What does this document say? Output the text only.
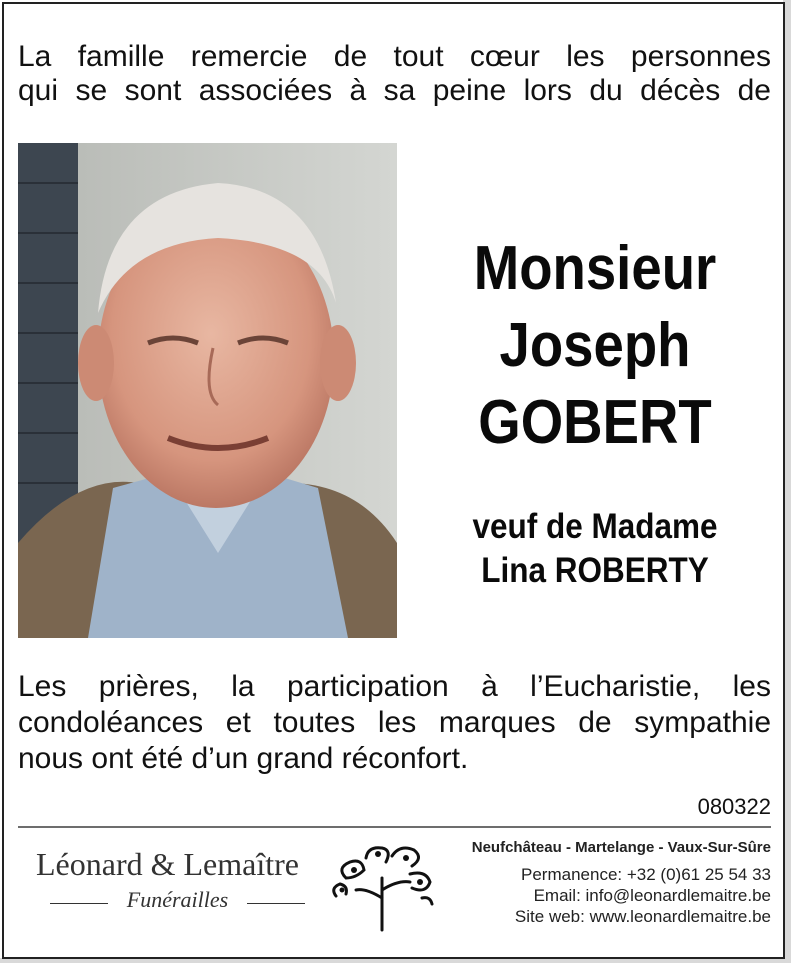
La famille remercie de tout cœur les personnes
qui se sont associées à sa peine lors du décès de
Monsieur
Joseph
GOBERT
veuf de Madame
Lina ROBERTY
Les prières, la participation à l’Eucharistie, les
condoléances et toutes les marques de sympathie
nous ont été d’un grand réconfort.
080322
Léonard & Lemaître
Funérailles
Neufchâteau - Martelange - Vaux-Sur-Sûre
Permanence: +32 (0)61 25 54 33
Email: info@leonardlemaitre.be
Site web: www.leonardlemaitre.be
